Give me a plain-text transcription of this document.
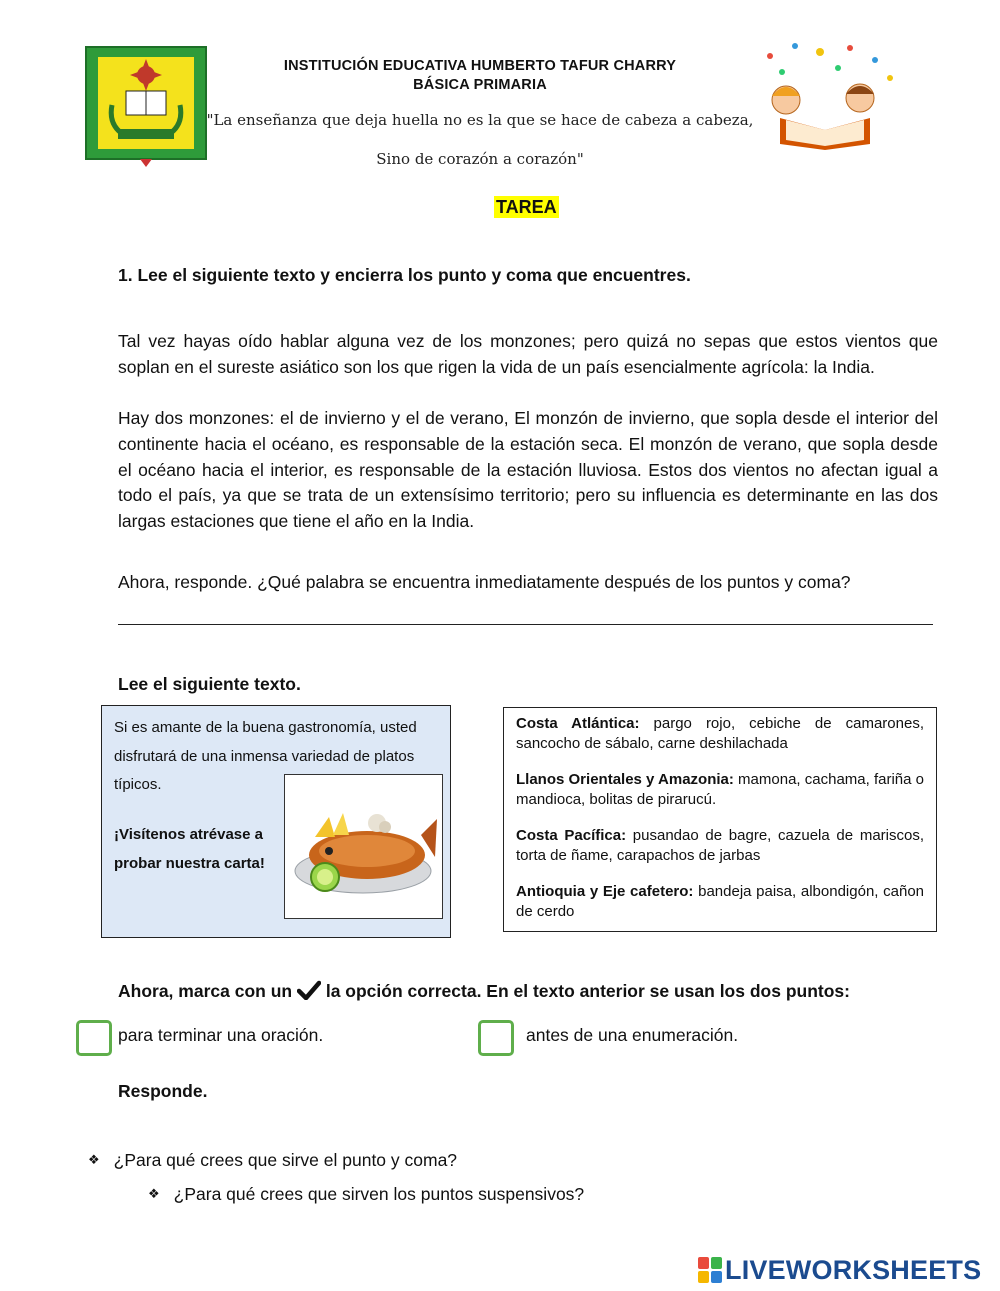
INSTITUCIÓN EDUCATIVA HUMBERTO TAFUR CHARRY
BÁSICA PRIMARIA
"La enseñanza que deja huella no es la que se hace de cabeza a cabeza,
Sino de corazón a corazón"
TAREA
1. Lee el siguiente texto y encierra los punto y coma que encuentres.
Tal vez hayas oído hablar alguna vez de los monzones; pero quizá no sepas que estos vientos que soplan en el sureste asiático son los que rigen la vida de un país esencialmente agrícola: la India.
Hay dos monzones: el de invierno y el de verano, El monzón de invierno, que sopla desde el interior del continente hacia el océano, es responsable de la estación seca. El monzón de verano, que sopla desde el océano hacia el interior, es responsable de la estación lluviosa. Estos dos vientos no afectan igual a todo el país, ya que se trata de un extensísimo territorio; pero su influencia es determinante en las dos largas estaciones que tiene el año en la India.
Ahora, responde. ¿Qué palabra se encuentra inmediatamente después de los puntos y coma?
Lee el siguiente texto.
Si es amante de la buena gastronomía, usted disfrutará de una inmensa variedad de platos típicos.
¡Visítenos atrévase a probar nuestra carta!
Costa Atlántica: pargo rojo, cebiche de camarones, sancocho de sábalo, carne deshilachada
Llanos Orientales y Amazonia: mamona, cachama, fariña o mandioca, bolitas de pirarucú.
Costa Pacífica: pusandao de bagre, cazuela de mariscos, torta de ñame, carapachos de jarbas
Antioquia y Eje cafetero: bandeja paisa, albondigón, cañon de cerdo
Ahora, marca con un la opción correcta. En el texto anterior se usan los dos puntos:
para terminar una oración.	antes de una enumeración.
Responde.
❖ ¿Para qué crees que sirve el punto y coma?
❖ ¿Para qué crees que sirven los puntos suspensivos?
LIVEWORKSHEETS
